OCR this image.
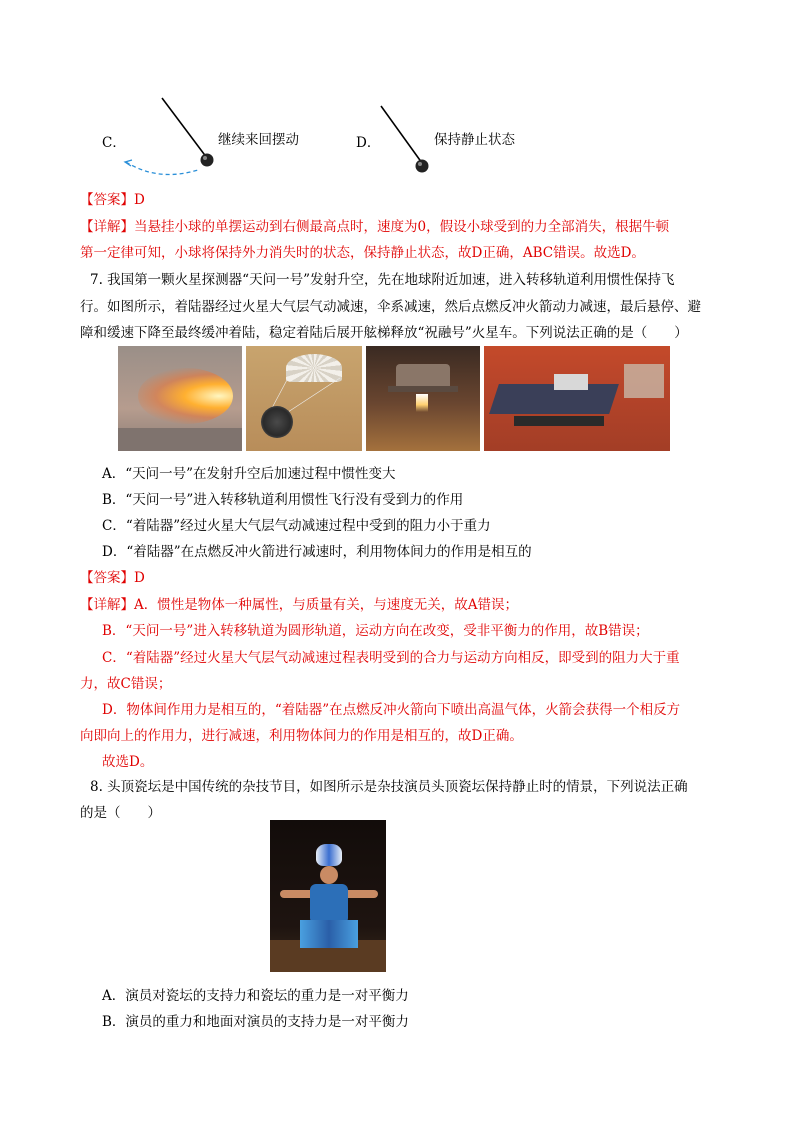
C．	继续来回摆动	D．	保持静止状态
【答案】D
【详解】当悬挂小球的单摆运动到右侧最高点时，速度为0，假设小球受到的力全部消失，根据牛顿
第一定律可知，小球将保持外力消失时的状态，保持静止状态，故D正确，ABC错误。故选D。
7. 我国第一颗火星探测器“天问一号”发射升空，先在地球附近加速，进入转移轨道利用惯性保持飞
行。如图所示，着陆器经过火星大气层气动减速，伞系减速，然后点燃反冲火箭动力减速，最后悬停、避
障和缓速下降至最终缓冲着陆，稳定着陆后展开舷梯释放“祝融号”火星车。下列说法正确的是（　　）
A．“天问一号”在发射升空后加速过程中惯性变大
B．“天问一号”进入转移轨道利用惯性飞行没有受到力的作用
C．“着陆器”经过火星大气层气动减速过程中受到的阻力小于重力
D．“着陆器”在点燃反冲火箭进行减速时，利用物体间力的作用是相互的
【答案】D
【详解】A．惯性是物体一种属性，与质量有关，与速度无关，故A错误；
B．“天问一号”进入转移轨道为圆形轨道，运动方向在改变，受非平衡力的作用，故B错误；
C．“着陆器”经过火星大气层气动减速过程表明受到的合力与运动方向相反，即受到的阻力大于重
力，故C错误；
D．物体间作用力是相互的，“着陆器”在点燃反冲火箭向下喷出高温气体，火箭会获得一个相反方
向即向上的作用力，进行减速，利用物体间力的作用是相互的，故D正确。
故选D。
8. 头顶瓷坛是中国传统的杂技节目，如图所示是杂技演员头顶瓷坛保持静止时的情景，下列说法正确
的是（　　）
A．演员对瓷坛的支持力和瓷坛的重力是一对平衡力
B．演员的重力和地面对演员的支持力是一对平衡力
